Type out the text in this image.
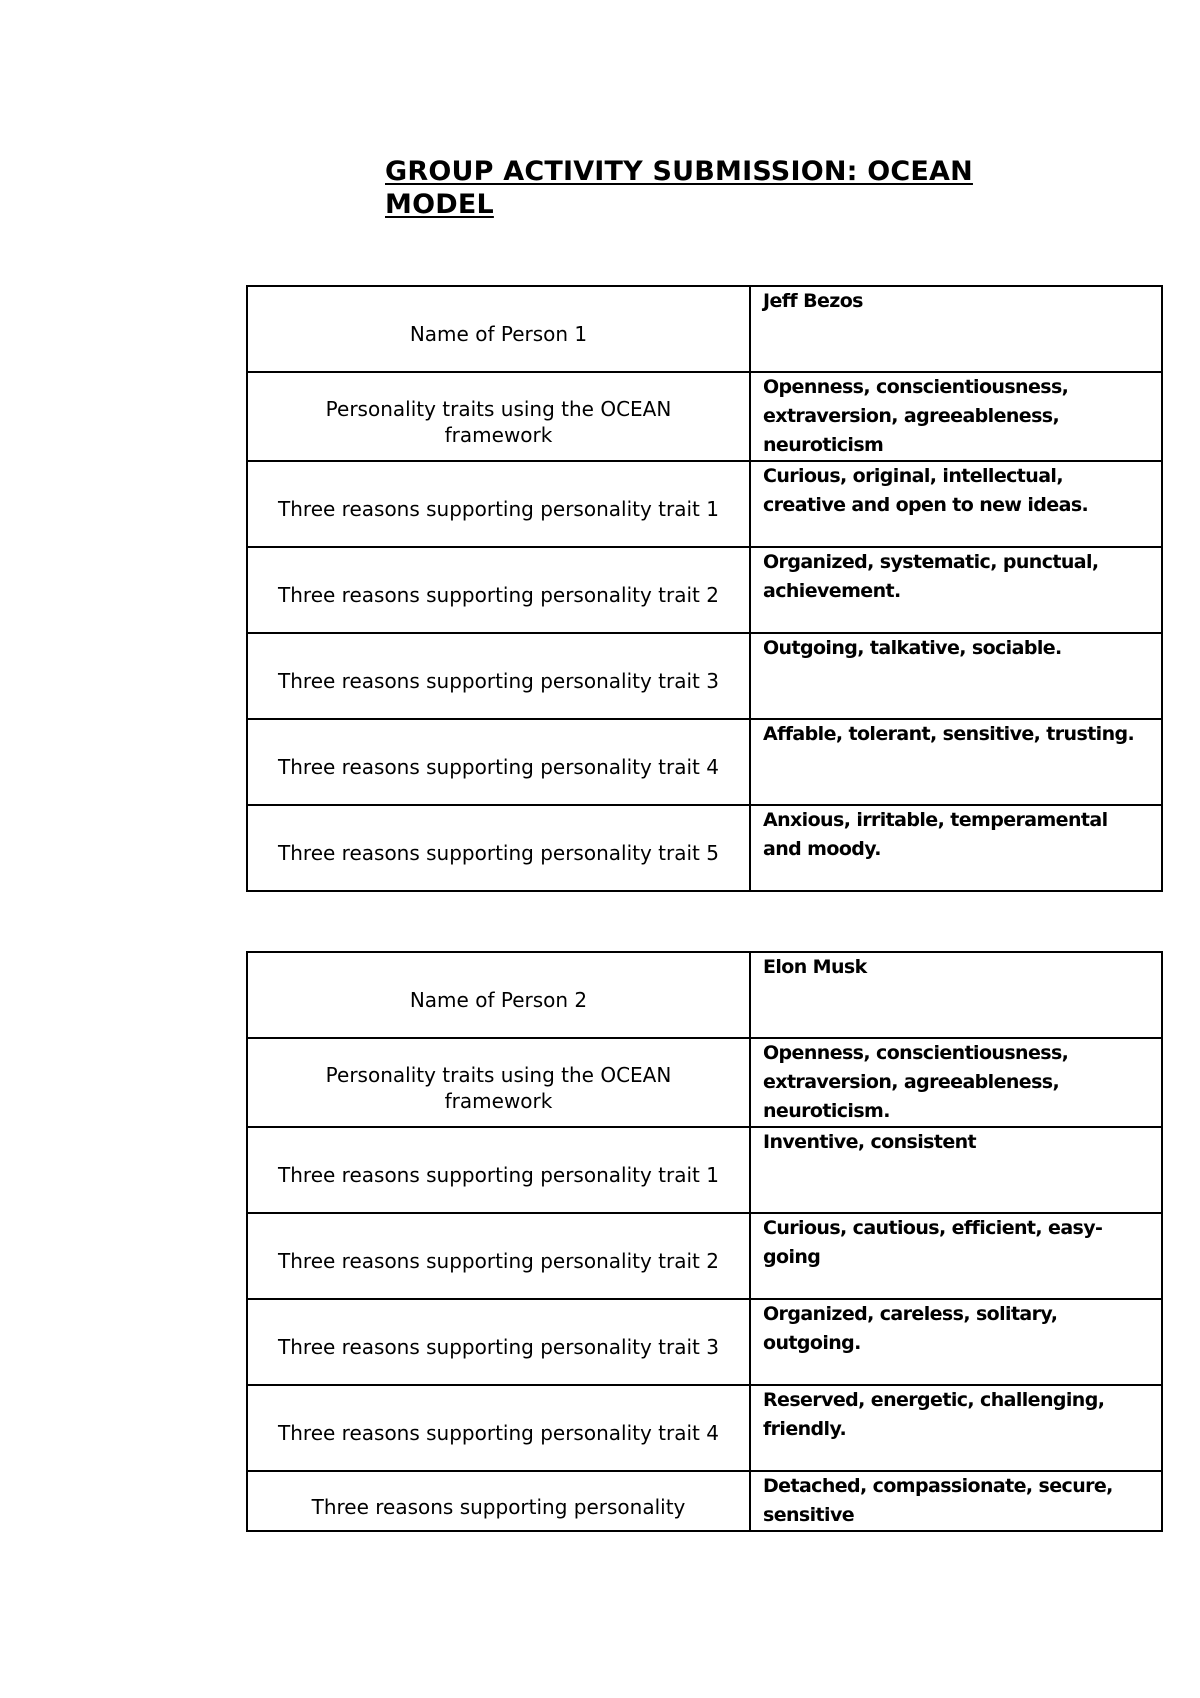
GROUP ACTIVITY SUBMISSION: OCEAN MODEL
Name of Person 1	Jeff Bezos
Personality traits using the OCEAN framework	Openness, conscientiousness, extraversion, agreeableness, neuroticism
Three reasons supporting personality trait 1	Curious, original, intellectual, creative and open to new ideas.
Three reasons supporting personality trait 2	Organized, systematic, punctual, achievement.
Three reasons supporting personality trait 3	Outgoing, talkative, sociable.
Three reasons supporting personality trait 4	Affable, tolerant, sensitive, trusting.
Three reasons supporting personality trait 5	Anxious, irritable, temperamental and moody.
Name of Person 2	Elon Musk
Personality traits using the OCEAN framework	Openness, conscientiousness, extraversion, agreeableness, neuroticism.
Three reasons supporting personality trait 1	Inventive, consistent
Three reasons supporting personality trait 2	Curious, cautious, efficient, easy-going
Three reasons supporting personality trait 3	Organized, careless, solitary, outgoing.
Three reasons supporting personality trait 4	Reserved, energetic, challenging, friendly.
Three reasons supporting personality	Detached, compassionate, secure, sensitive
